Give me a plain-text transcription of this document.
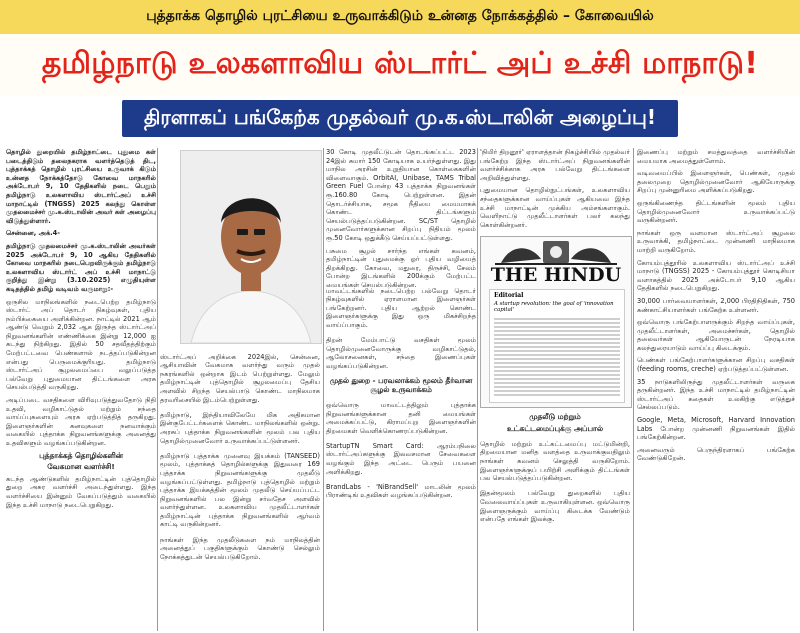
புத்தாக்க தொழில் புரட்சியை உருவாக்கிடும் உன்னத நோக்கத்தில் – கோவையில்
தமிழ்நாடு உலகளாவிய ஸ்டார்ட் அப் உச்சி மாநாடு!
திரளாகப் பங்கேற்க முதல்வர் மு.க.ஸ்டாலின் அழைப்பு!

தொழில் துறையில் தமிழ்நாட்டை புதுமை கள் படைத்திடும் தலைநகராக வளர்த்தெடுத் திட, புத்தாக்கத் தொழில் புரட்சியை உருவாக் கிடும் உன்னத நோக்கத்தோடு கோவை மாநகரில் அக்டோபர் 9, 10 தேதிகளில் நடை பெறும் தமிழ்நாடு உலகளாவிய ஸ்டார்ட்அப் உச்சி மாநாட்டில் (TNGSS) 2025 கலந்து கொள்ள முதலமைச்சர் மு.க.ஸ்டாலின் அவர் கள் அழைப்பு விடுத்துள்ளார்.

சென்னை, அக்.4-

தமிழ்நாடு முதலமைச்சர் மு.க.ஸ்டாலின் அவர்கள் 2025 அக்டோபர் 9, 10 ஆகிய தேதிகளில் கோவை மாநகரில் நடைபெறவிருக்கும் தமிழ்நாடு உலகளாவிய ஸ்டார்ட் அப் உச்சி மாநாட்டு குறித்து இன்று (3.10.2025) எழுதியுள்ள கடிதத்தில் தமிழ் வடிவம் வருமாறு:-

ஒருசில மாநிலங்களில் நடைபெற்ற தமிழ்நாடு ஸ்டார்ட் அப் தொடர் நிகழ்வுகள், புதிய நம்பிக்கையை அளிக்கின்றன. நாட்டில் 2021 ஆம் ஆண்டு வெறும் 2,032 ஆக இருந்த ஸ்டார்ட்அப் நிறுவனங்களின் எண்ணிக்கை இன்று 12,000 ஐ கடந்து நிற்கிறது. இதில் 50 சதவீதத்திற்கும் மேற்பட்டவை பெண்களால் நடத்தப்படுகின்றன என்பது பெருமைக்குரியது. தமிழ்நாடு ஸ்டார்ட்அப் சூழலமைப்பை வலுப்படுத்த பல்வேறு புதுமையான திட்டங்களை அரசு செயல்படுத்தி வருகிறது.

அடிப்படை வசதிகளை விரிவுபடுத்துவதோடு நிதி உதவி, வழிகாட்டுதல் மற்றும் சந்தை வாய்ப்புகளையும் அரசு ஏற்படுத்தித் தருகிறது. இளைஞர்களின் கனவுகளை நனவாக்கும் வகையில் புத்தாக்க நிறுவனங்களுக்கு அனைத்து உதவிகளும் வழங்கப்படுகின்றன.

புத்தாக்கத் தொழில்களின்
வேகமான வளர்ச்சி!

கடந்த ஆண்டுகளில் தமிழ்நாட்டின் புத்தொழில் துறை அசுர வளர்ச்சி அடைந்துள்ளது. இந்த வளர்ச்சியை இன்னும் வேகப்படுத்தும் வகையில் இந்த உச்சி மாநாடு நடைபெறுகிறது.

ஸ்டார்ட்அப் அறிக்கை 2024இல், சென்னை, ஆசியாவின் வேகமாக வளர்ந்து வரும் முதல் நகரங்களில் ஒன்றாக இடம் பெற்றுள்ளது. மேலும் தமிழ்நாட்டின் புத்தொழில் சூழலமைப்பு தேசிய அளவில் சிறந்த செயல்பாடு கொண்ட மாநிலமாக தரவரிசையில் இடம்பெற்றுள்ளது.

தமிழ்நாடு, இந்தியாவிலேயே மிக அதிகமான இன்குபேட்டர்களைக் கொண்ட மாநிலங்களில் ஒன்று. அரசுப் புத்தாக்க நிறுவனங்களின் மூலம் பல புதிய தொழில்முனைவோர் உருவாக்கப்பட்டுள்ளனர்.

தமிழ்நாடு புத்தாக்க முனைவு இயக்கம் (TANSEED) மூலம், புத்தாக்கத் தொழில்களுக்கு இதுவரை 169 புத்தாக்க நிறுவனங்களுக்கு முதலீடு வழங்கப்பட்டுள்ளது. தமிழ்நாடு புத்தொழில் மற்றும் புத்தாக்க இயக்கத்தின் மூலம் முதலீடு செய்யப்பட்ட நிறுவனங்களில் பல இன்று சர்வதேச அளவில் வளர்ந்துள்ளன. உலகளாவிய முதலீட்டாளர்கள் தமிழ்நாட்டின் புத்தாக்க நிறுவனங்களில் ஆர்வம் காட்டி வருகின்றனர்.

நாங்கள் இந்த முதலீடுகளை நம் மாநிலத்தின் அனைத்துப் பகுதிகளுக்கும் கொண்டு செல்லும் நோக்கத்துடன் செயல்படுகிறோம்.

30 கோடி முதலீட்டுடன் தொடங்கப்பட்ட 2023 24இல் சுமார் 150 கோடியாக உயர்ந்துள்ளது. இது மாநில அரசின் உறுதியான கொள்கைகளின் விளைவாகும். OrbitAI, Unibase, TAMS Tribal Green Fuel போன்ற 43 புத்தாக்க நிறுவனங்கள் ரூ.160.80 கோடி பெற்றுள்ளன. இதன் தொடர்ச்சியாக, சமூக நீதியை மையமாகக் கொண்ட திட்டங்களும் செயல்படுத்தப்படுகின்றன. SC/ST தொழில் முனைவோர்களுக்கான சிறப்பு நிதியம் மூலம் ரூ.50 கோடி ஒதுக்கீடு செய்யப்பட்டுள்ளது.

பசுமை சூழல் சார்ந்த எங்கள் கவனம், தமிழ்நாட்டின் புதுமைக்கு ஓர் புதிய வழியைத் திறக்கிறது. கோவை, மதுரை, திருச்சி, சேலம் போன்ற இடங்களில் 200க்கும் மேற்பட்ட மையங்கள் செயல்படுகின்றன.

மாவட்டங்களில் நடைபெற்ற பல்வேறு தொடர் நிகழ்வுகளில் ஏராளமான இளைஞர்கள் பங்கேற்றனர். புதிய ஆற்றல் கொண்ட இளைஞர்களுக்கு இது ஒரு மிகச்சிறந்த வாய்ப்பாகும்.

திறன் மேம்பாட்டு வசதிகள் மூலம் தொழில்முனைவோருக்கு வழிகாட்டுதல், ஆலோசனைகள், சந்தை இணைப்புகள் வழங்கப்படுகின்றன.

முதல் துறை - பரவலாக்கம் மூலம் தீர்வான சூழல் உருவாக்கம்

ஒவ்வொரு மாவட்டத்திலும் புத்தாக்க நிறுவனங்களுக்கான தனி மையங்கள் அமைக்கப்பட்டு, கிராமப்புற இளைஞர்களின் திறமைகள் வெளிக்கொணரப்படுகின்றன.

StartupTN Smart Card: ஆரம்பநிலை ஸ்டார்ட்அப்களுக்கு இலவசமான சேவைகளை வழங்கும் இந்த அட்டை பெரும் பயனை அளிக்கிறது.

BrandLabs - 'NiBrandSell' மாடலின் மூலம் பிராண்டிங் உதவிகள் வழங்கப்படுகின்றன.

'நிமிர் திறனூர்' ஏராளத்தான் நிகழ்ச்சியில் முதல்வர் பங்கேற்ற இந்த ஸ்டார்ட்அப் நிறுவனங்களின் வளர்ச்சிக்காக அரசு பல்வேறு திட்டங்களை அறிவித்துள்ளது.

புதுமையான தொழில்நுட்பங்கள், உலகளாவிய சந்தைகளுக்கான வாய்ப்புகள் ஆகியவை இந்த உச்சி மாநாட்டின் முக்கிய அம்சங்களாகும். வெளிநாட்டு முதலீட்டாளர்கள் பலர் கலந்து கொள்கின்றனர்.

THE HINDU
Editorial
A startup revolution: the goal of 'innovation capital'
முதலீடு மற்றும்
உட்கட்டமைப்புக்கு அப்பால்

தொழில் மற்றும் உட்கட்டமைப்பு மட்டுமின்றி, திறமையான மனித வளத்தை உருவாக்குவதிலும் நாங்கள் கவனம் செலுத்தி வருகிறோம். இளைஞர்களுக்குப் பயிற்சி அளிக்கும் திட்டங்கள் பல செயல்படுத்தப்படுகின்றன.

இதன்மூலம் பல்வேறு துறைகளில் புதிய வேலைவாய்ப்புகள் உருவாகியுள்ளன. ஒவ்வொரு இளைஞருக்கும் வாய்ப்பு கிடைக்க வேண்டும் என்பதே எங்கள் இலக்கு.

இணைப்பு மற்றும் சமத்துவத்தை வளர்ச்சியின் மையமாக அமைத்துள்ளோம்.

வடிவமைப்பில் இளைஞர்கள், பெண்கள், முதல் தலைமுறை தொழில்முனைவோர் ஆகியோருக்கு சிறப்பு முன்னுரிமை அளிக்கப்படுகிறது.

ஒருங்கிணைந்த திட்டங்களின் மூலம் புதிய தொழில்முனைவோர் உருவாக்கப்பட்டு வருகின்றனர்.

நாங்கள் ஒரு வளமான ஸ்டார்ட்அப் சூழலை உருவாக்கி, தமிழ்நாட்டை முன்னணி மாநிலமாக மாற்றி வருகிறோம்.

கோயம்புத்தூரில் உலகளாவிய ஸ்டார்ட்அப் உச்சி மாநாடு (TNGSS) 2025 - கோயம்புத்தூர் கொடிசியா வளாகத்தில் 2025 அக்டோபர் 9,10 ஆகிய தேதிகளில் நடைபெறுகிறது.

30,000 பார்வையாளர்கள், 2,000 பிரதிநிதிகள், 750 கண்காட்சியாளர்கள் பங்கேற்க உள்ளனர்.

ஒவ்வொரு பங்கேற்பாளருக்கும் சிறந்த வாய்ப்புகள், முதலீட்டாளர்கள், அமைச்சர்கள், தொழில் தலைவர்கள் ஆகியோருடன் நேரடியாக கலந்துரையாடும் வாய்ப்பு கிடைக்கும்.

பெண்கள் பங்கேற்பாளர்களுக்கான சிறப்பு வசதிகள் (feeding rooms, creche) ஏற்படுத்தப்பட்டுள்ளன.

35 நாடுகளிலிருந்து முதலீட்டாளர்கள் வருகை தருகின்றனர். இந்த உச்சி மாநாட்டில் தமிழ்நாட்டின் ஸ்டார்ட்அப் கதைகள் உலகிற்கு எடுத்துச் செல்லப்படும்.

Google, Meta, Microsoft, Harvard Innovation Labs போன்ற முன்னணி நிறுவனங்கள் இதில் பங்கேற்கின்றன.

அனைவரும் பெருந்திரளாகப் பங்கேற்க வேண்டுகிறேன்.
